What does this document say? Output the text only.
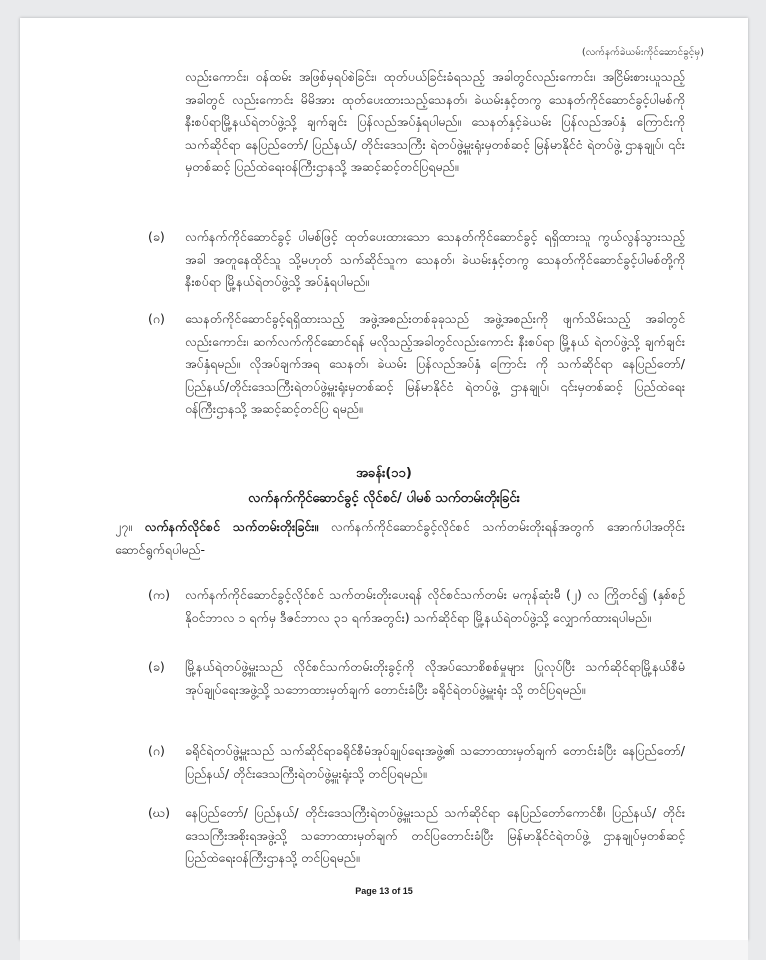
(လက်နက်ခဲယမ်းကိုင်ဆောင်ခွင့်မှ)
လည်းကောင်း၊ ဝန်ထမ်း အဖြစ်မှရပ်စဲခြင်း၊ ထုတ်ပယ်ခြင်းခံရသည့် အခါတွင်လည်းကောင်း၊ အငြိမ်းစားယူသည့်အခါတွင် လည်းကောင်း မိမိအား ထုတ်ပေးထားသည့်သေနတ်၊ ခဲယမ်းနှင့်တကွ သေနတ်ကိုင်ဆောင်ခွင့်ပါမစ်ကို နီးစပ်ရာမြို့နယ်ရဲတပ်ဖွဲ့သို့ ချက်ချင်း ပြန်လည်အပ်နှံရပါမည်။ သေနတ်နှင့်ခဲယမ်း ပြန်လည်အပ်နှံ ကြောင်းကို သက်ဆိုင်ရာ နေပြည်တော်/ ပြည်နယ်/ တိုင်းဒေသကြီး ရဲတပ်ဖွဲ့မှူးရုံးမှတစ်ဆင့် မြန်မာနိုင်ငံ ရဲတပ်ဖွဲ့ ဌာနချုပ်၊ ၎င်းမှတစ်ဆင့် ပြည်ထဲရေးဝန်ကြီးဌာနသို့ အဆင့်ဆင့်တင်ပြရမည်။
(ခ) လက်နက်ကိုင်ဆောင်ခွင့် ပါမစ်ဖြင့် ထုတ်ပေးထားသော သေနတ်ကိုင်ဆောင်ခွင့် ရရှိထားသူ ကွယ်လွန်သွားသည့်အခါ အတူနေထိုင်သူ သို့မဟုတ် သက်ဆိုင်သူက သေနတ်၊ ခဲယမ်းနှင့်တကွ သေနတ်ကိုင်ဆောင်ခွင့်ပါမစ်တို့ကို နီးစပ်ရာ မြို့နယ်ရဲတပ်ဖွဲ့သို့ အပ်နှံရပါမည်။
(ဂ) သေနတ်ကိုင်ဆောင်ခွင့်ရရှိထားသည့် အဖွဲ့အစည်းတစ်ခုခုသည် အဖွဲ့အစည်းကို ဖျက်သိမ်းသည့် အခါတွင်လည်းကောင်း၊ ဆက်လက်ကိုင်ဆောင်ရန် မလိုသည့်အခါတွင်လည်းကောင်း နီးစပ်ရာ မြို့နယ် ရဲတပ်ဖွဲ့သို့ ချက်ချင်းအပ်နှံရမည်။ လိုအပ်ချက်အရ သေနတ်၊ ခဲယမ်း ပြန်လည်အပ်နှံ ကြောင်း ကို သက်ဆိုင်ရာ နေပြည်တော်/ ပြည်နယ်/တိုင်းဒေသကြီးရဲတပ်ဖွဲ့မှူးရုံးမှတစ်ဆင့် မြန်မာနိုင်ငံ ရဲတပ်ဖွဲ့ ဌာနချုပ်၊ ၎င်းမှတစ်ဆင့် ပြည်ထဲရေးဝန်ကြီးဌာနသို့ အဆင့်ဆင့်တင်ပြ ရမည်။
အခန်း(၁၁)
လက်နက်ကိုင်ဆောင်ခွင့် လိုင်စင်/ ပါမစ် သက်တမ်းတိုးခြင်း
၂၇။ လက်နက်လိုင်စင် သက်တမ်းတိုးခြင်း။ လက်နက်ကိုင်ဆောင်ခွင့်လိုင်စင် သက်တမ်းတိုးရန်အတွက် အောက်ပါအတိုင်း ဆောင်ရွက်ရပါမည်-
(က) လက်နက်ကိုင်ဆောင်ခွင့်လိုင်စင် သက်တမ်းတိုးပေးရန် လိုင်စင်သက်တမ်း မကုန်ဆုံးမီ (၂) လ ကြိုတင်၍ (နှစ်စဉ် နိုဝင်ဘာလ ၁ ရက်မှ ဒီဇင်ဘာလ ၃၁ ရက်အတွင်း) သက်ဆိုင်ရာ မြို့နယ်ရဲတပ်ဖွဲ့သို့ လျှောက်ထားရပါမည်။
(ခ) မြို့နယ်ရဲတပ်ဖွဲ့မှူးသည် လိုင်စင်သက်တမ်းတိုးခွင့်ကို လိုအပ်သောစိစစ်မှုများ ပြုလုပ်ပြီး သက်ဆိုင်ရာမြို့နယ်စီမံအုပ်ချုပ်ရေးအဖွဲ့သို့ သဘောထားမှတ်ချက် တောင်းခံပြီး ခရိုင်ရဲတပ်ဖွဲ့မှူးရုံး သို့ တင်ပြရမည်။
(ဂ) ခရိုင်ရဲတပ်ဖွဲ့မှူးသည် သက်ဆိုင်ရာခရိုင်စီမံအုပ်ချုပ်ရေးအဖွဲ့၏ သဘောထားမှတ်ချက် တောင်းခံပြီး နေပြည်တော်/ ပြည်နယ်/ တိုင်းဒေသကြီးရဲတပ်ဖွဲ့မှူးရုံးသို့ တင်ပြရမည်။
(ဃ) နေပြည်တော်/ ပြည်နယ်/ တိုင်းဒေသကြီးရဲတပ်ဖွဲ့မှူးသည် သက်ဆိုင်ရာ နေပြည်တော်ကောင်စီ၊ ပြည်နယ်/ တိုင်းဒေသကြီးအစိုးရအဖွဲ့သို့ သဘောထားမှတ်ချက် တင်ပြတောင်းခံပြီး မြန်မာနိုင်ငံရဲတပ်ဖွဲ့ ဌာနချုပ်မှတစ်ဆင့် ပြည်ထဲရေးဝန်ကြီးဌာနသို့ တင်ပြရမည်။
Page 13 of 15
